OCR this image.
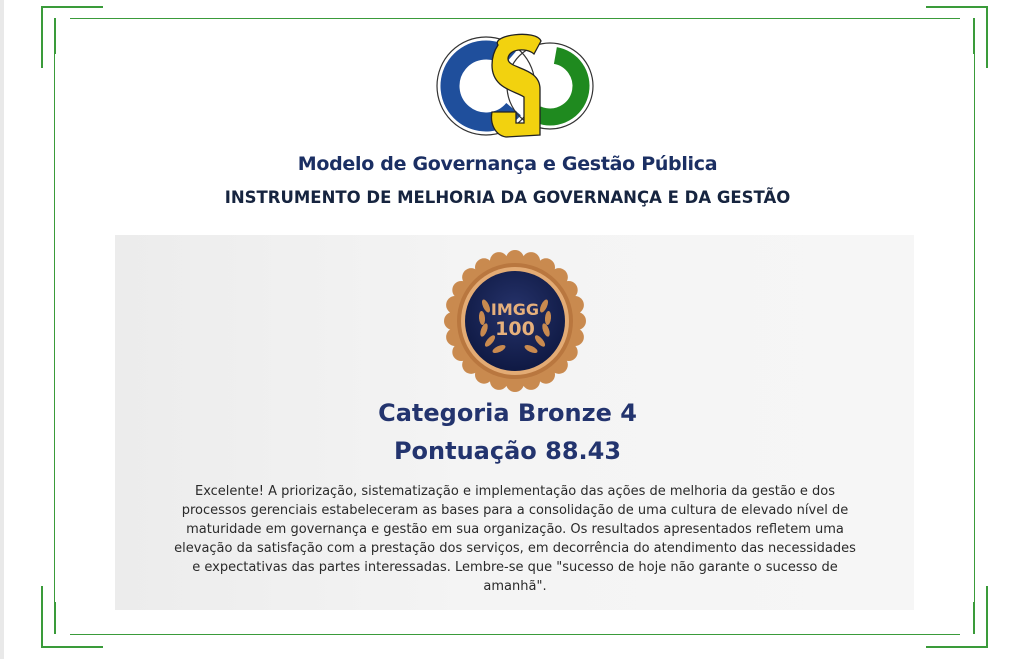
Modelo de Governança e Gestão Pública
INSTRUMENTO DE MELHORIA DA GOVERNANÇA E DA GESTÃO
IMGG
100
Categoria Bronze 4
Pontuação 88.43
Excelente! A priorização, sistematização e implementação das ações de melhoria da gestão e dos processos gerenciais estabeleceram as bases para a consolidação de uma cultura de elevado nível de maturidade em governança e gestão em sua organização. Os resultados apresentados refletem uma elevação da satisfação com a prestação dos serviços, em decorrência do atendimento das necessidades e expectativas das partes interessadas. Lembre-se que "sucesso de hoje não garante o sucesso de amanhã".
